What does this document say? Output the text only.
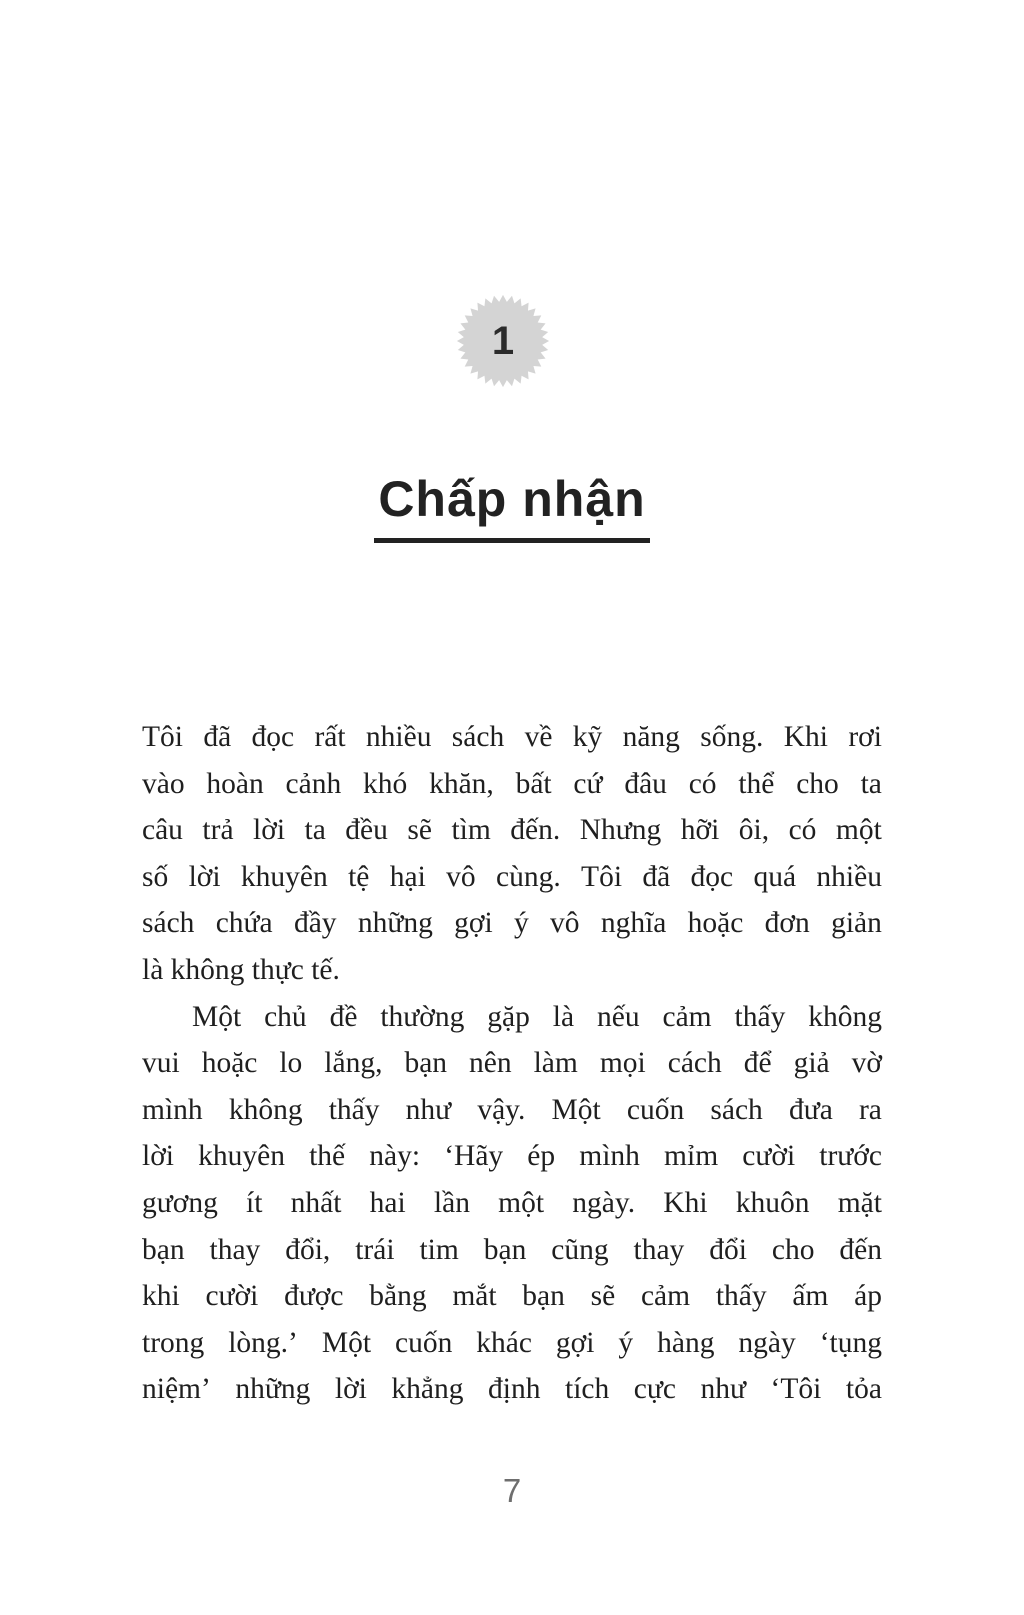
1
Chấp nhận
Tôi đã đọc rất nhiều sách về kỹ năng sống. Khi rơi
vào hoàn cảnh khó khăn, bất cứ đâu có thể cho ta
câu trả lời ta đều sẽ tìm đến. Nhưng hỡi ôi, có một
số lời khuyên tệ hại vô cùng. Tôi đã đọc quá nhiều
sách chứa đầy những gợi ý vô nghĩa hoặc đơn giản
là không thực tế.
Một chủ đề thường gặp là nếu cảm thấy không
vui hoặc lo lắng, bạn nên làm mọi cách để giả vờ
mình không thấy như vậy. Một cuốn sách đưa ra
lời khuyên thế này: ‘Hãy ép mình mỉm cười trước
gương ít nhất hai lần một ngày. Khi khuôn mặt
bạn thay đổi, trái tim bạn cũng thay đổi cho đến
khi cười được bằng mắt bạn sẽ cảm thấy ấm áp
trong lòng.’ Một cuốn khác gợi ý hàng ngày ‘tụng
niệm’ những lời khẳng định tích cực như ‘Tôi tỏa
7
